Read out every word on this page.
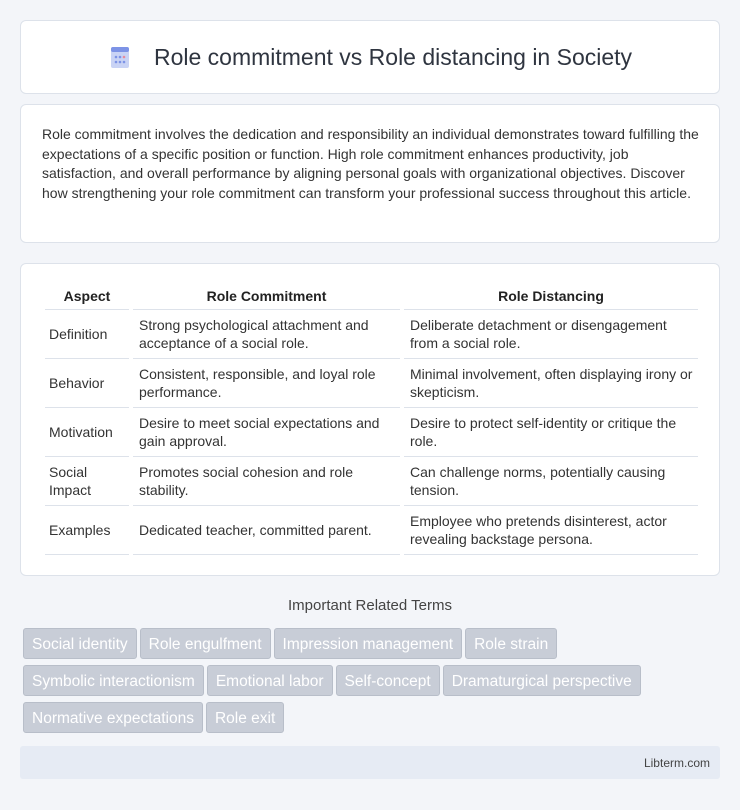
Role commitment vs Role distancing in Society

Role commitment involves the dedication and responsibility an individual demonstrates toward fulfilling the expectations of a specific position or function. High role commitment enhances productivity, job satisfaction, and overall performance by aligning personal goals with organizational objectives. Discover how strengthening your role commitment can transform your professional success throughout this article.

Aspect	Role Commitment	Role Distancing
Definition	Strong psychological attachment and acceptance of a social role.	Deliberate detachment or disengagement from a social role.
Behavior	Consistent, responsible, and loyal role performance.	Minimal involvement, often displaying irony or skepticism.
Motivation	Desire to meet social expectations and gain approval.	Desire to protect self-identity or critique the role.
Social Impact	Promotes social cohesion and role stability.	Can challenge norms, potentially causing tension.
Examples	Dedicated teacher, committed parent.	Employee who pretends disinterest, actor revealing backstage persona.
Important Related Terms
Social identity Role engulfment Impression management Role strain
Symbolic interactionism Emotional labor Self-concept Dramaturgical perspective
Normative expectations Role exit
Libterm.com
